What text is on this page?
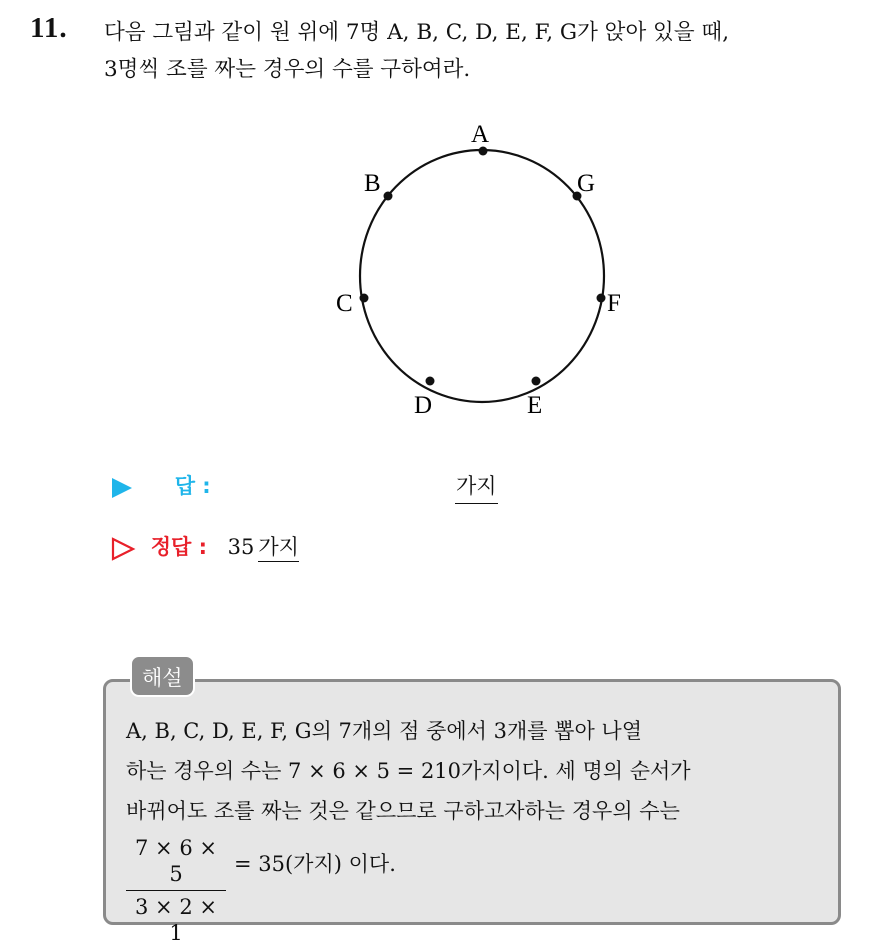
11. 다음 그림과 같이 원 위에 7명 A, B, C, D, E, F, G가 앉아 있을 때,
3명씩 조를 짜는 경우의 수를 구하여라.
A
B	G
C	F
D	E
답 :	가지
정답 : 35 가지
해설
A, B, C, D, E, F, G의 7개의 점 중에서 3개를 뽑아 나열
하는 경우의 수는 7 × 6 × 5 = 210가지이다. 세 명의 순서가
바뀌어도 조를 짜는 것은 같으므로 구하고자하는 경우의 수는
7 × 6 × 5
3 × 2 × 1
= 35(가지) 이다.
